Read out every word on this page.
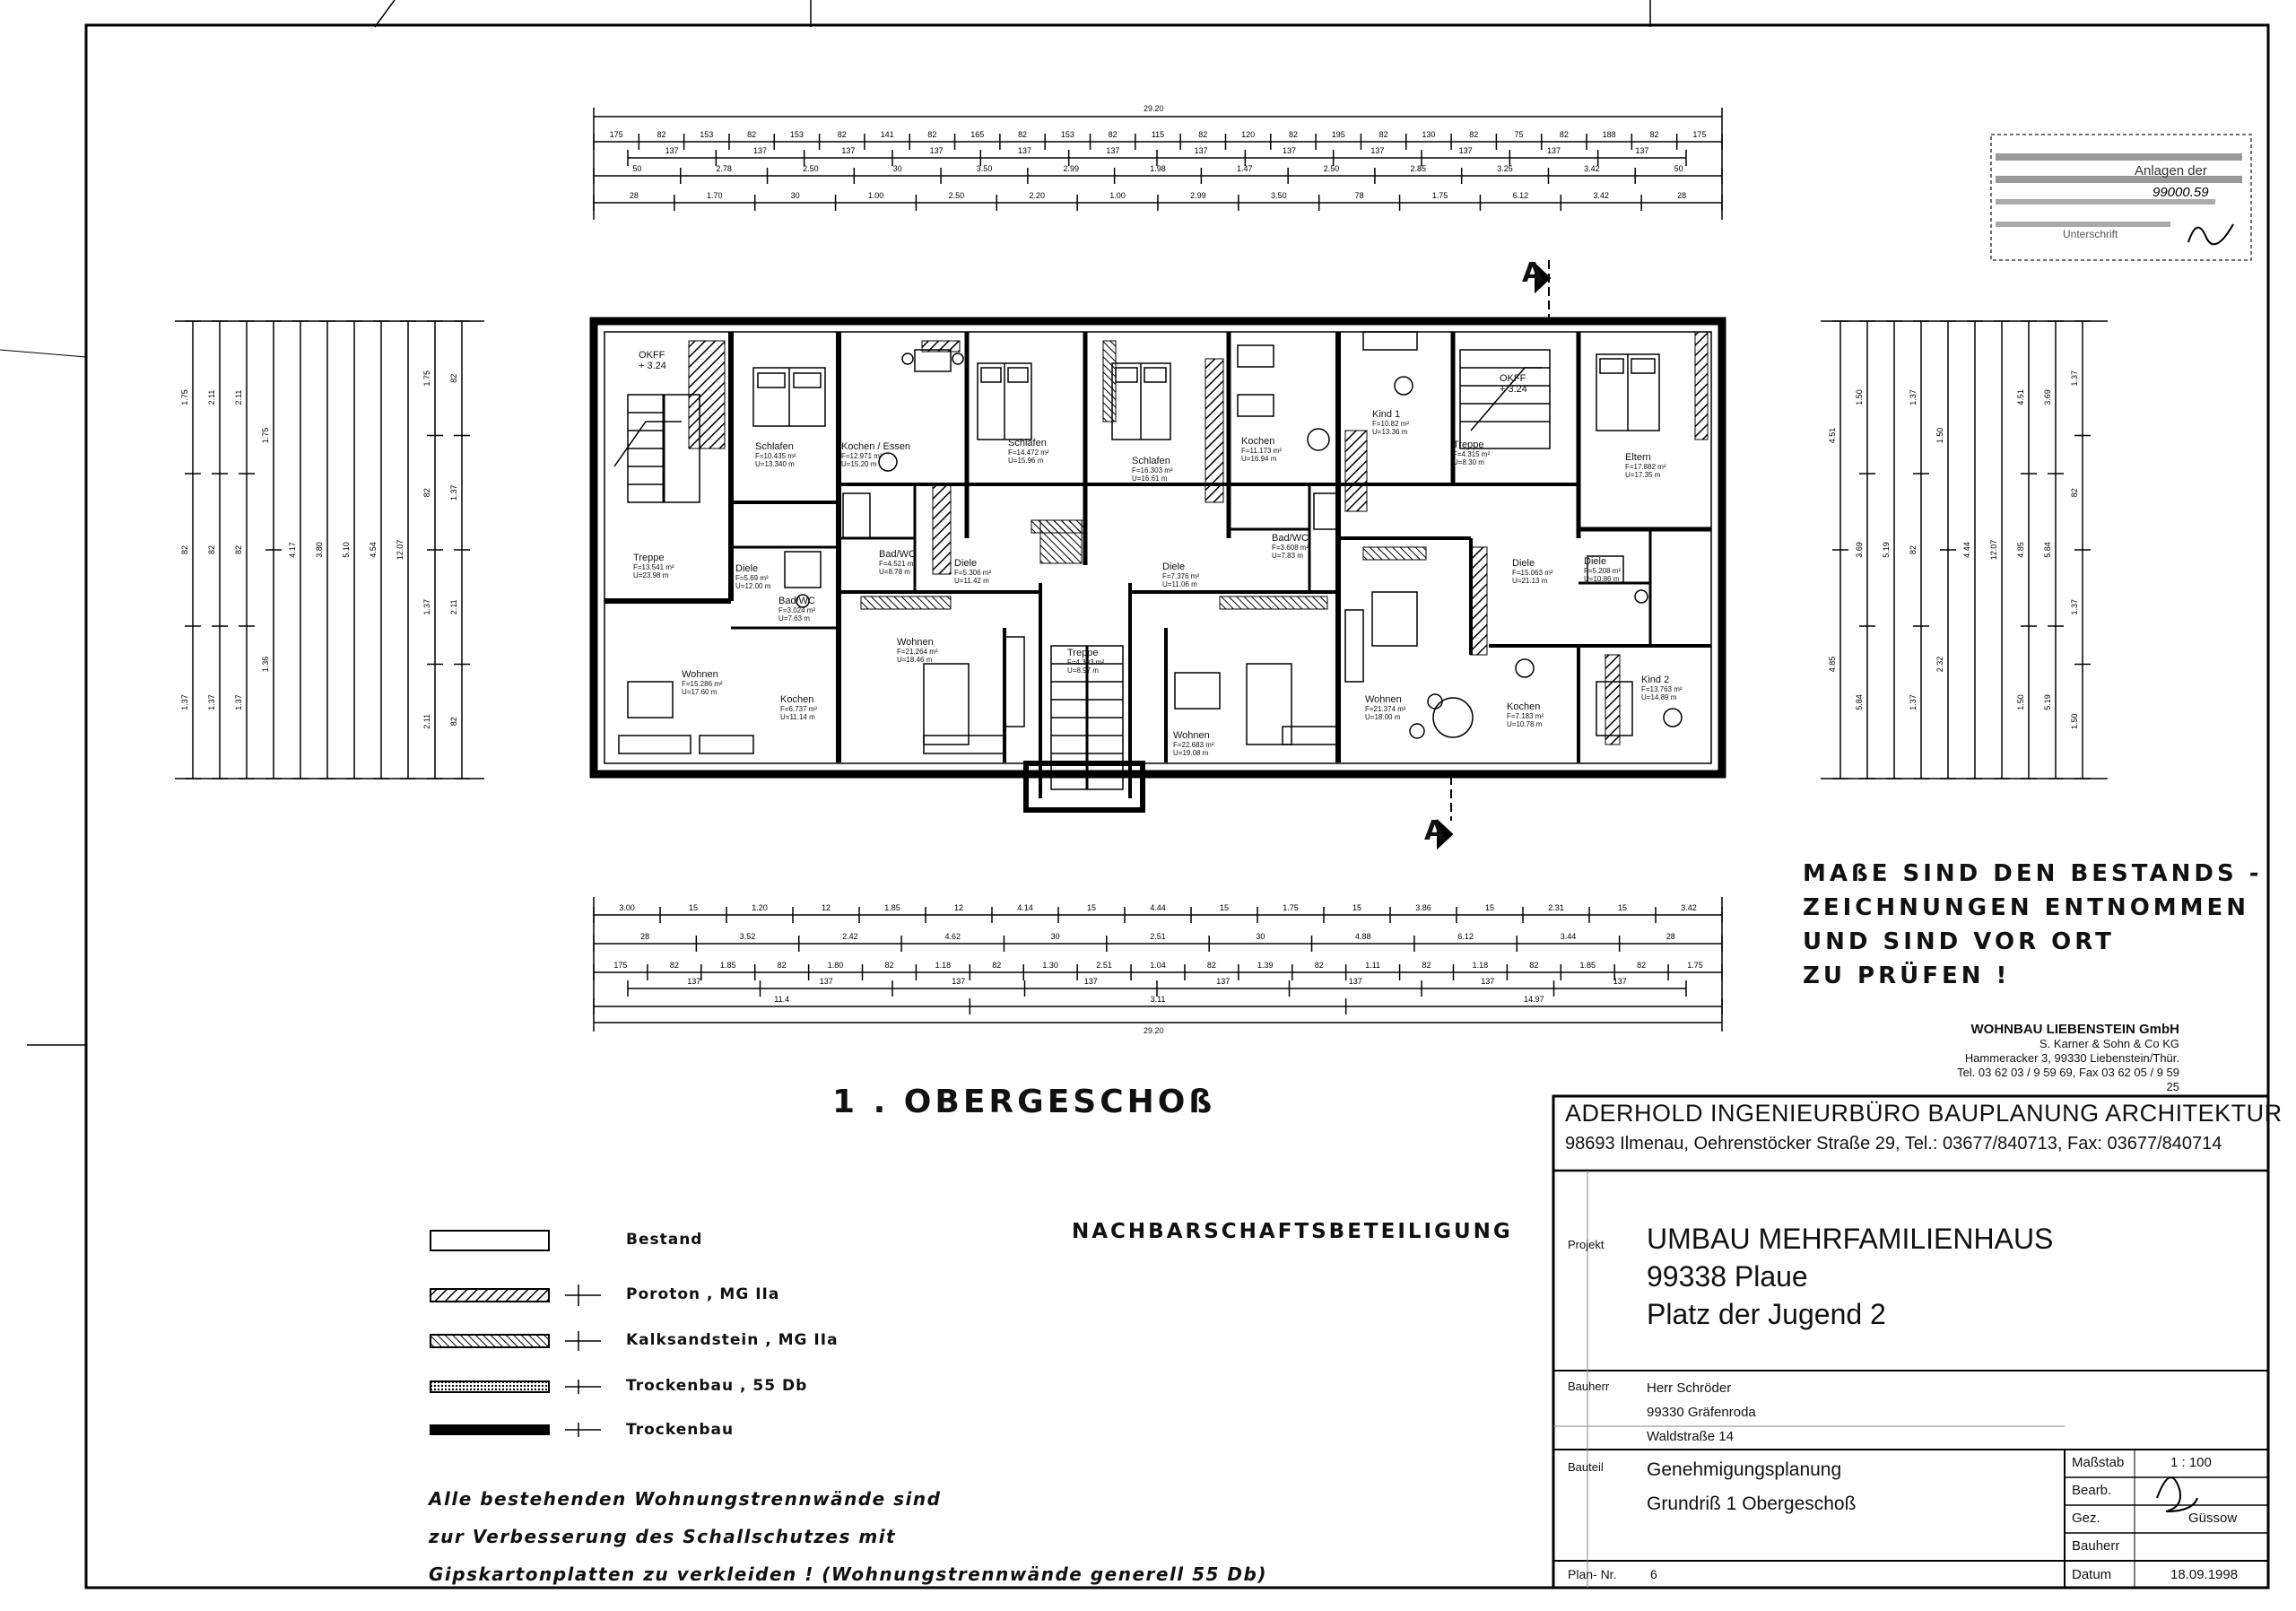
175	82	153	82	153	82	141	82	165	82	153	82	115	82	120	82	195	82	130	82	75	82	188	82	175
137	137	137	137	137	137	137	137	137	137	137	137
50	2.78	2.50	30	3.50	2.99	1.98	1.47	2.50	2.85	3.25	3.42	50
28	1.70	30	1.00	2.50	2.20	1.00	2.99	3.50	78	1.75	6.12	3.42	28
3.00	15	1.20	12	1.85	12	4.14	15	4.44	15	1.75	15	3.86	15	2.31	15	3.42
28	3.52	2.42	4.62	30	2.51	30	4.88	6.12	3.44	28
175	82	1.85	82	1.80	82	1.18	82	1.30	2.51	1.04	82	1.39	82	1.11	82	1.18	82	1.85	82	1.75
137	137	137	137	137	137	137	137
11.4	3.11	14.97
1.75
82
1.37
2.11
82
1.37
2.11
82
1.37
1.75
1.36
4.17 3.80 5.10 4.54 12.07
1.75
82
1.37
2.11
82
1.37
2.11
82
4.51
4.85
1.50
3.69
5.84
5.19
1.37
82
1.37
1.50
2.32
4.44 12.07
4.51
4.85
1.50
3.69
5.84
5.19
1.37
82
1.37
1.50
A
A
29.20
29.20
OKFF
+ 3.24
Schlafen
F=10.435 m²
U=13.340 m
Kochen / Essen
F=12.971 m²
U=15.20 m
Schlafen
F=14.472 m²
U=15.96 m	Schlafen
F=16.303 m²
U=16.61 m
Kochen
F=11.173 m²
U=16.94 m
Kind 1
F=10.82 m²
U=13.36 m
Treppe
F=4.315 m²
U=8.30 m
OKFF
+ 3.24
Eltern
F=17.882 m²
U=17.35 m
Treppe
F=13.541 m²
U=23.98 m
Diele
F=5.69 m²
U=12.00 m
Bad/WC
F=3.024 m²
U=7.63 m
Bad/WC
F=4.521 m²
U=8.78 m
Diele
F=5.306 m²
U=11.42 m
Diele
F=7.376 m²
U=11.06 m
Bad/WC
F=3.608 m²
U=7.83 m
Diele
F=5.208 m²
U=10.86 m
Diele
F=15.063 m²
U=21.13 m
Wohnen
F=15.286 m²
U=17.60 m
Kochen
F=6.737 m²
U=11.14 m
Wohnen
F=21.264 m²
U=18.46 m
Treppe
F=4.393 m²
U=8.97 m
Wohnen
F=22.683 m²
U=19.08 m
Wohnen
F=21.374 m²
U=18.00 m
Kochen
F=7.183 m²
U=10.78 m
Kind 2
F=13.763 m²
U=14.89 m
Anlagen der
99000.59
Unterschrift
MAßE SIND DEN BESTANDS -
ZEICHNUNGEN ENTNOMMEN
UND SIND VOR ORT
ZU PRÜFEN !
WOHNBAU LIEBENSTEIN GmbH
S. Karner & Sohn & Co KG
Hammeracker 3, 99330 Liebenstein/Thür.
Tel. 03 62 03 / 9 59 69, Fax 03 62 05 / 9 59 25
1 . OBERGESCHOß
NACHBARSCHAFTSBETEILIGUNG
Bestand
Poroton , MG IIa
Kalksandstein , MG IIa
Trockenbau , 55 Db
Trockenbau
Alle bestehenden Wohnungstrennwände sind
zur Verbesserung des Schallschutzes mit
Gipskartonplatten zu verkleiden ! (Wohnungstrennwände generell 55 Db)
ADERHOLD INGENIEURBÜRO BAUPLANUNG ARCHITEKTUR
98693 Ilmenau, Oehrenstöcker Straße 29, Tel.: 03677/840713, Fax: 03677/840714
Projekt UMBAU MEHRFAMILIENHAUS
99338 Plaue
Platz der Jugend 2
Bauherr	Herr Schröder
99330 Gräfenroda
Waldstraße 14
Bauteil Genehmigungsplanung
Grundriß 1 Obergeschoß
Plan- Nr.	6
Maßstab	1 : 100
Bearb.
Gez.	Güssow
Bauherr
Datum	18.09.1998
